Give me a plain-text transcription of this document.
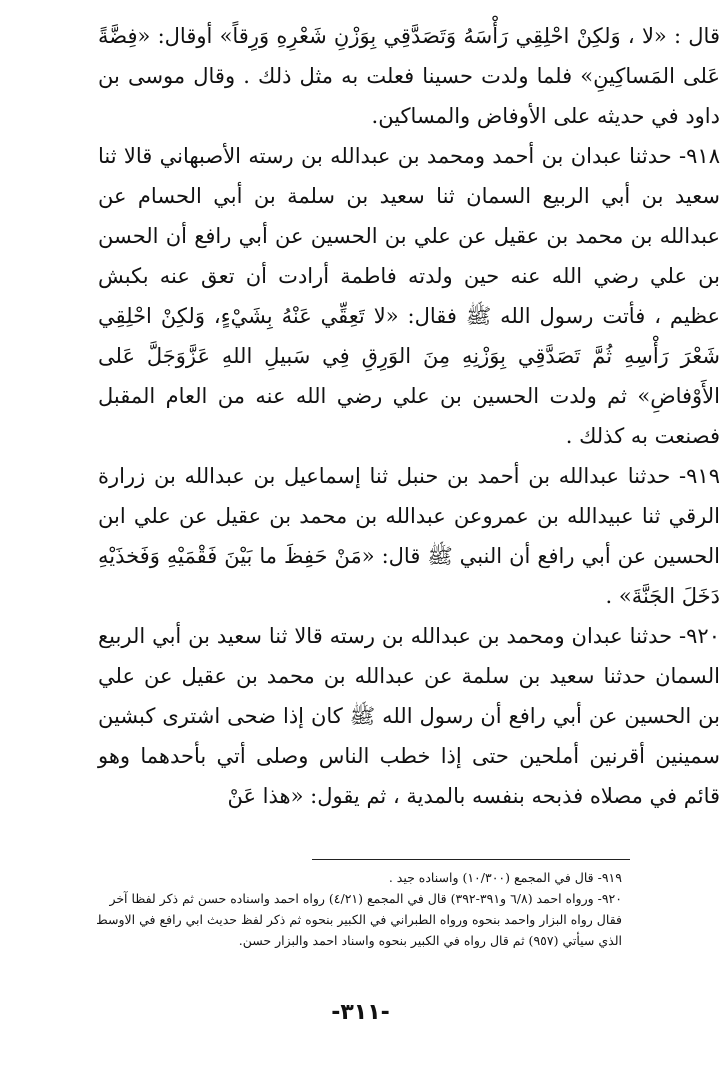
قال : «لا ، وَلكِنْ احْلِقِي رَأْسَهُ وَتَصَدَّقِي بِوَزْنِ شَعْرِهِ وَرِقاً» أوقال: «فِضَّةً عَلى المَساكِينِ» فلما ولدت حسينا فعلت به مثل ذلك . وقال موسى بن داود في حديثه على الأوفاض والمساكين.

٩١٨- حدثنا عبدان بن أحمد ومحمد بن عبدالله بن رسته الأصبهاني قالا ثنا سعيد بن أبي الربيع السمان ثنا سعيد بن سلمة بن أبي الحسام عن عبدالله بن محمد بن عقيل عن علي بن الحسين عن أبي رافع أن الحسن بن علي رضي الله عنه حين ولدته فاطمة أرادت أن تعق عنه بكبش عظيم ، فأتت رسول الله ﷺ فقال: «لا تَعِقِّي عَنْهُ بِشَيْءٍ، وَلكِنْ احْلِقِي شَعْرَ رَأْسِهِ ثُمَّ تَصَدَّقِي بِوَزْنِهِ مِنَ الوَرِقِ فِي سَبيلِ اللهِ عَزَّوَجَلَّ عَلى الأَوْفاضِ» ثم ولدت الحسين بن علي رضي الله عنه من العام المقبل فصنعت به كذلك .

٩١٩- حدثنا عبدالله بن أحمد بن حنبل ثنا إسماعيل بن عبدالله بن زرارة الرقي ثنا عبيدالله بن عمروعن عبدالله بن محمد بن عقيل عن علي ابن الحسين عن أبي رافع أن النبي ﷺ قال: «مَنْ حَفِظَ ما بَيْنَ فَقْمَيْهِ وَفَخذَيْهِ دَخَلَ الجَنَّةَ» .

٩٢٠- حدثنا عبدان ومحمد بن عبدالله بن رسته قالا ثنا سعيد بن أبي الربيع السمان حدثنا سعيد بن سلمة عن عبدالله بن محمد بن عقيل عن علي بن الحسين عن أبي رافع أن رسول الله ﷺ كان إذا ضحى اشترى كبشين سمينين أقرنين أملحين حتى إذا خطب الناس وصلى أتي بأحدهما وهو قائم في مصلاه فذبحه بنفسه بالمدية ، ثم يقول: «هذا عَنْ

٩١٩- قال في المجمع (١٠/٣٠٠) واسناده جيد .

٩٢٠- ورواه احمد (٦/٨ و٣٩١-٣٩٢) قال في المجمع (٤/٢١) رواه احمد واسناده حسن ثم ذكر لفظا آخر فقال رواه البزار واحمد بنحوه ورواه الطبراني في الكبير بنحوه ثم ذكر لفظ حديث ابي رافع في الاوسط الذي سيأتي (٩٥٧) ثم قال رواه في الكبير بنحوه واسناد احمد والبزار حسن.

-٣١١-
